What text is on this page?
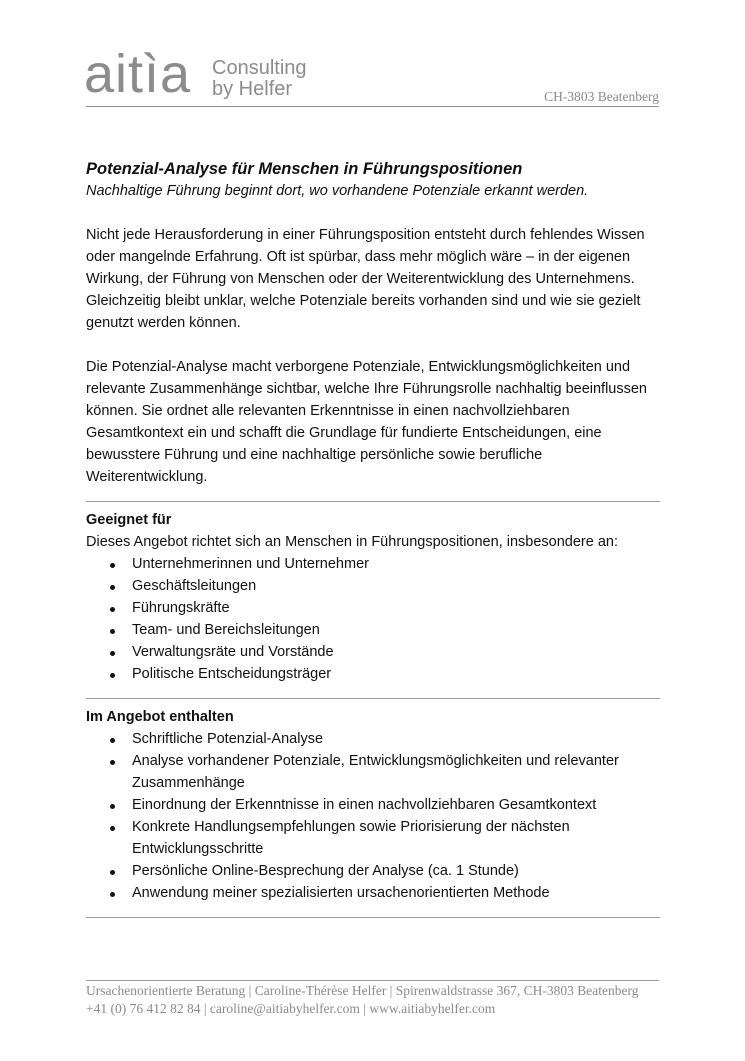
aitìa Consulting
by Helfer	CH-3803 Beatenberg

Potenzial-Analyse für Menschen in Führungspositionen

Nachhaltige Führung beginnt dort, wo vorhandene Potenziale erkannt werden.

Nicht jede Herausforderung in einer Führungsposition entsteht durch fehlendes Wissen oder mangelnde Erfahrung. Oft ist spürbar, dass mehr möglich wäre – in der eigenen Wirkung, der Führung von Menschen oder der Weiterentwicklung des Unternehmens. Gleichzeitig bleibt unklar, welche Potenziale bereits vorhanden sind und wie sie gezielt genutzt werden können.

Die Potenzial-Analyse macht verborgene Potenziale, Entwicklungsmöglichkeiten und relevante Zusammenhänge sichtbar, welche Ihre Führungsrolle nachhaltig beeinflussen können. Sie ordnet alle relevanten Erkenntnisse in einen nachvollziehbaren Gesamtkontext ein und schafft die Grundlage für fundierte Entscheidungen, eine bewusstere Führung und eine nachhaltige persönliche sowie berufliche Weiterentwicklung.

Geeignet für

Dieses Angebot richtet sich an Menschen in Führungspositionen, insbesondere an:

Unternehmerinnen und Unternehmer
Geschäftsleitungen
Führungskräfte
Team- und Bereichsleitungen
Verwaltungsräte und Vorstände
Politische Entscheidungsträger

Im Angebot enthalten

Schriftliche Potenzial-Analyse
Analyse vorhandener Potenziale, Entwicklungsmöglichkeiten und relevanter Zusammenhänge
Einordnung der Erkenntnisse in einen nachvollziehbaren Gesamtkontext
Konkrete Handlungsempfehlungen sowie Priorisierung der nächsten Entwicklungsschritte
Persönliche Online-Besprechung der Analyse (ca. 1 Stunde)
Anwendung meiner spezialisierten ursachenorientierten Methode
Ursachenorientierte Beratung | Caroline-Thérèse Helfer | Spirenwaldstrasse 367, CH-3803 Beatenberg
+41 (0) 76 412 82 84 | caroline@aitiabyhelfer.com | www.aitiabyhelfer.com
